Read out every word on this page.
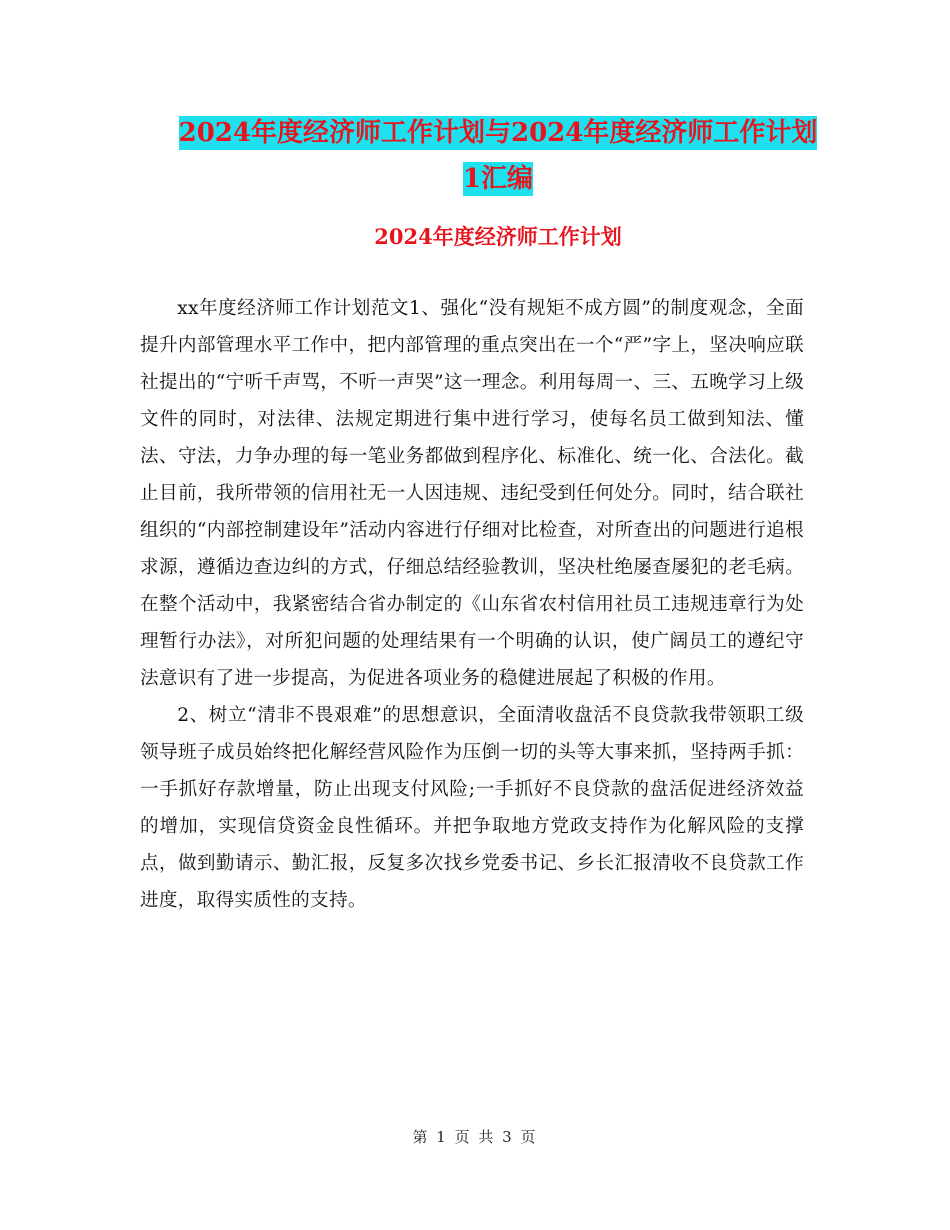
2024年度经济师工作计划与2024年度经济师工作计划
1汇编
2024年度经济师工作计划

xx年度经济师工作计划范文1、强化“没有规矩不成方圆”的制度观念，全面提升内部管理水平工作中，把内部管理的重点突出在一个“严”字上，坚决响应联社提出的“宁听千声骂，不听一声哭”这一理念。利用每周一、三、五晚学习上级文件的同时，对法律、法规定期进行集中进行学习，使每名员工做到知法、懂法、守法，力争办理的每一笔业务都做到程序化、标准化、统一化、合法化。截止目前，我所带领的信用社无一人因违规、违纪受到任何处分。同时，结合联社组织的“内部控制建设年”活动内容进行仔细对比检查，对所查出的问题进行追根求源，遵循边查边纠的方式，仔细总结经验教训，坚决杜绝屡查屡犯的老毛病。在整个活动中，我紧密结合省办制定的《山东省农村信用社员工违规违章行为处理暂行办法》，对所犯问题的处理结果有一个明确的认识，使广阔员工的遵纪守法意识有了进一步提高，为促进各项业务的稳健进展起了积极的作用。

2、树立“清非不畏艰难”的思想意识，全面清收盘活不良贷款我带领职工级领导班子成员始终把化解经营风险作为压倒一切的头等大事来抓，坚持两手抓：一手抓好存款增量，防止出现支付风险;一手抓好不良贷款的盘活促进经济效益的增加，实现信贷资金良性循环。并把争取地方党政支持作为化解风险的支撑点，做到勤请示、勤汇报，反复多次找乡党委书记、乡长汇报清收不良贷款工作进度，取得实质性的支持。

第 1 页 共 3 页
